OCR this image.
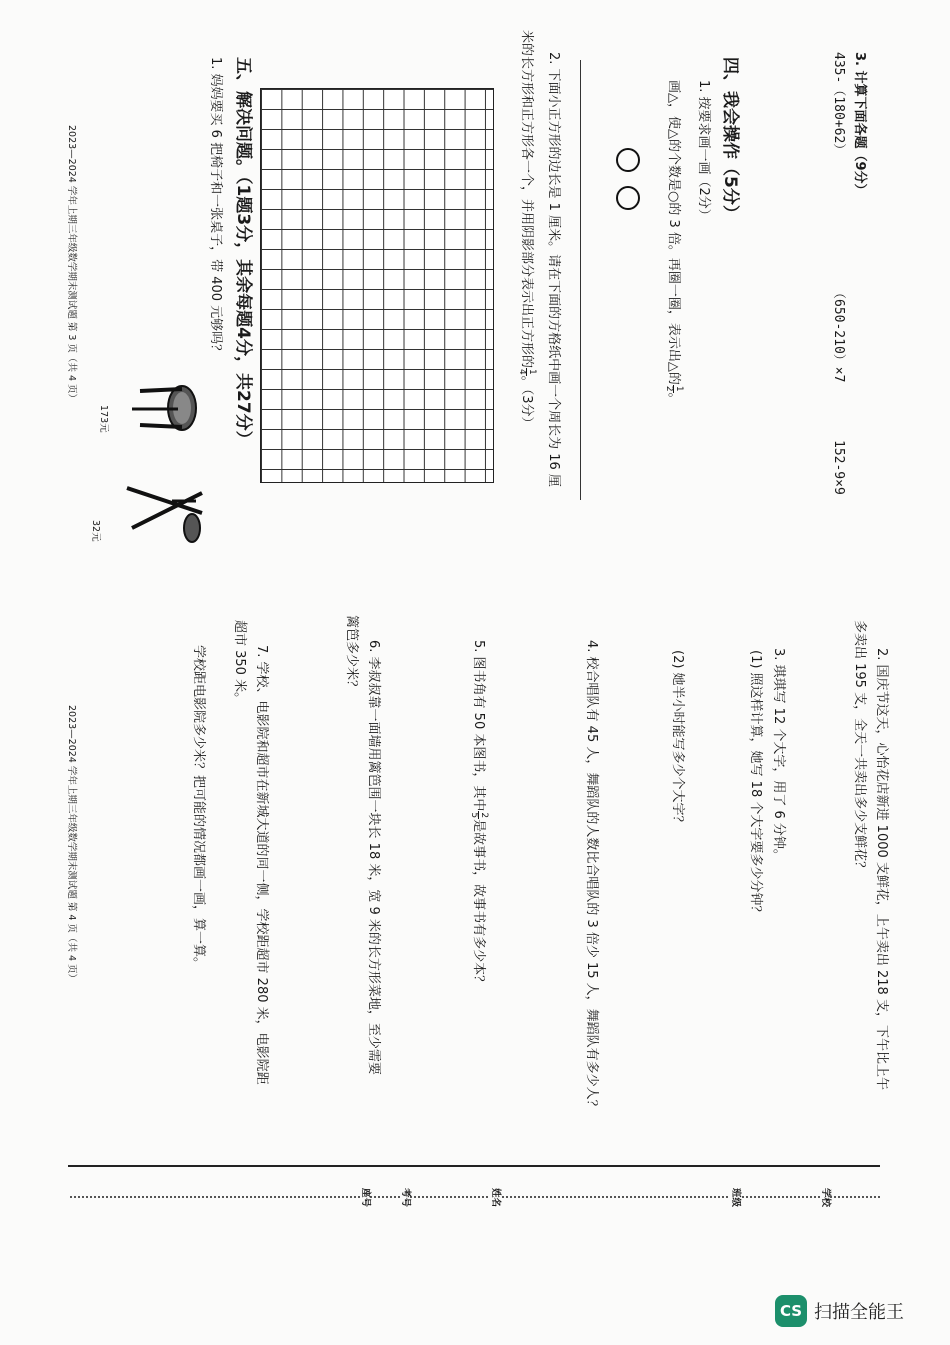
3. 计算下面各题（9分）
435-（180+62）
（650-210）×7
152-9×9
四、我会操作（5分）
1. 按要求画一画（2分）
画△，使△的个数是○的 3 倍。再圈一圈，表示出△的
1
2
。
2. 下面小正方形的边长是 1 厘米。请在下面的方格纸中画一个周长为 16 厘
米的长方形和正方形各一个，并用阴影部分表示出正方形的
1
4
。（3分）
五、解决问题。（1题3分，其余每题4分，共27分）
1. 妈妈要买 6 把椅子和一张桌子，带 400 元够吗？
173元
32元
2023—2024 学年上期三年级数学期末测试题 第 3 页（共 4 页）
2. 国庆节这天，心怡花店新进 1000 支鲜花，上午卖出 218 支，下午比上午
多卖出 195 支，全天一共卖出多少支鲜花？
3. 琪琪写 12 个大字，用了 6 分钟。
(1) 照这样计算，她写 18 个大字要多少分钟？
(2) 她半小时能写多少个大字？
4. 校合唱队有 45 人，舞蹈队的人数比合唱队的 3 倍少 15 人，舞蹈队有多少人？
5. 图书角有 50 本图书，其中
2
5
是故事书，故事书有多少本？
6. 李叔叔靠一面墙用篱笆围一块长 18 米，宽 9 米的长方形菜地，至少需要
篱笆多少米？
7. 学校、电影院和超市在新城大道的同一侧，学校距超市 280 米，电影院距
超市 350 米。
学校距电影院多少米？把可能的情况都画一画，算一算。
2023—2024 学年上期三年级数学期末测试题 第 4 页（共 4 页）
学校
班级
姓名
考号
座号
CS 扫描全能王
